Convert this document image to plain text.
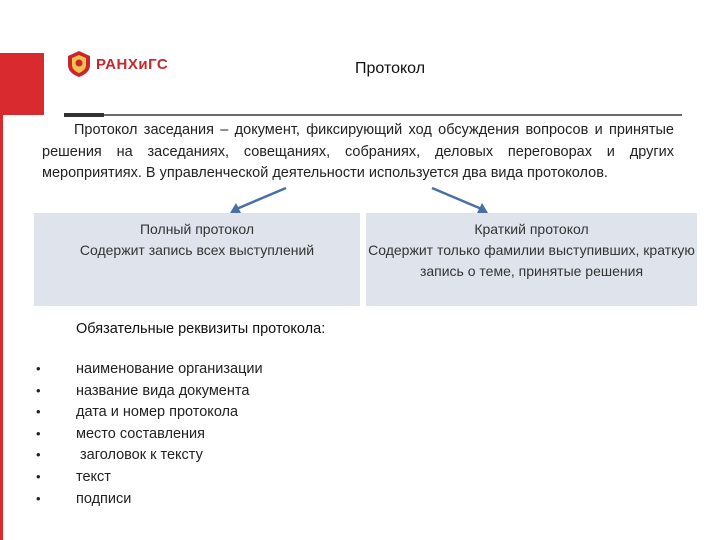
РАНХиГС	Протокол
Протокол заседания – документ, фиксирующий ход обсуждения вопросов и принятые решения на заседаниях, совещаниях, собраниях, деловых переговорах и других мероприятиях. В управленческой деятельности используется два вида протоколов.
Полный протокол
Содержит запись всех выступлений
Краткий протокол
Содержит только фамилии выступивших, краткую запись о теме, принятые решения
Обязательные реквизиты протокола:
• наименование организации
• название вида документа
• дата и номер протокола
• место составления
• заголовок к тексту
• текст
• подписи
